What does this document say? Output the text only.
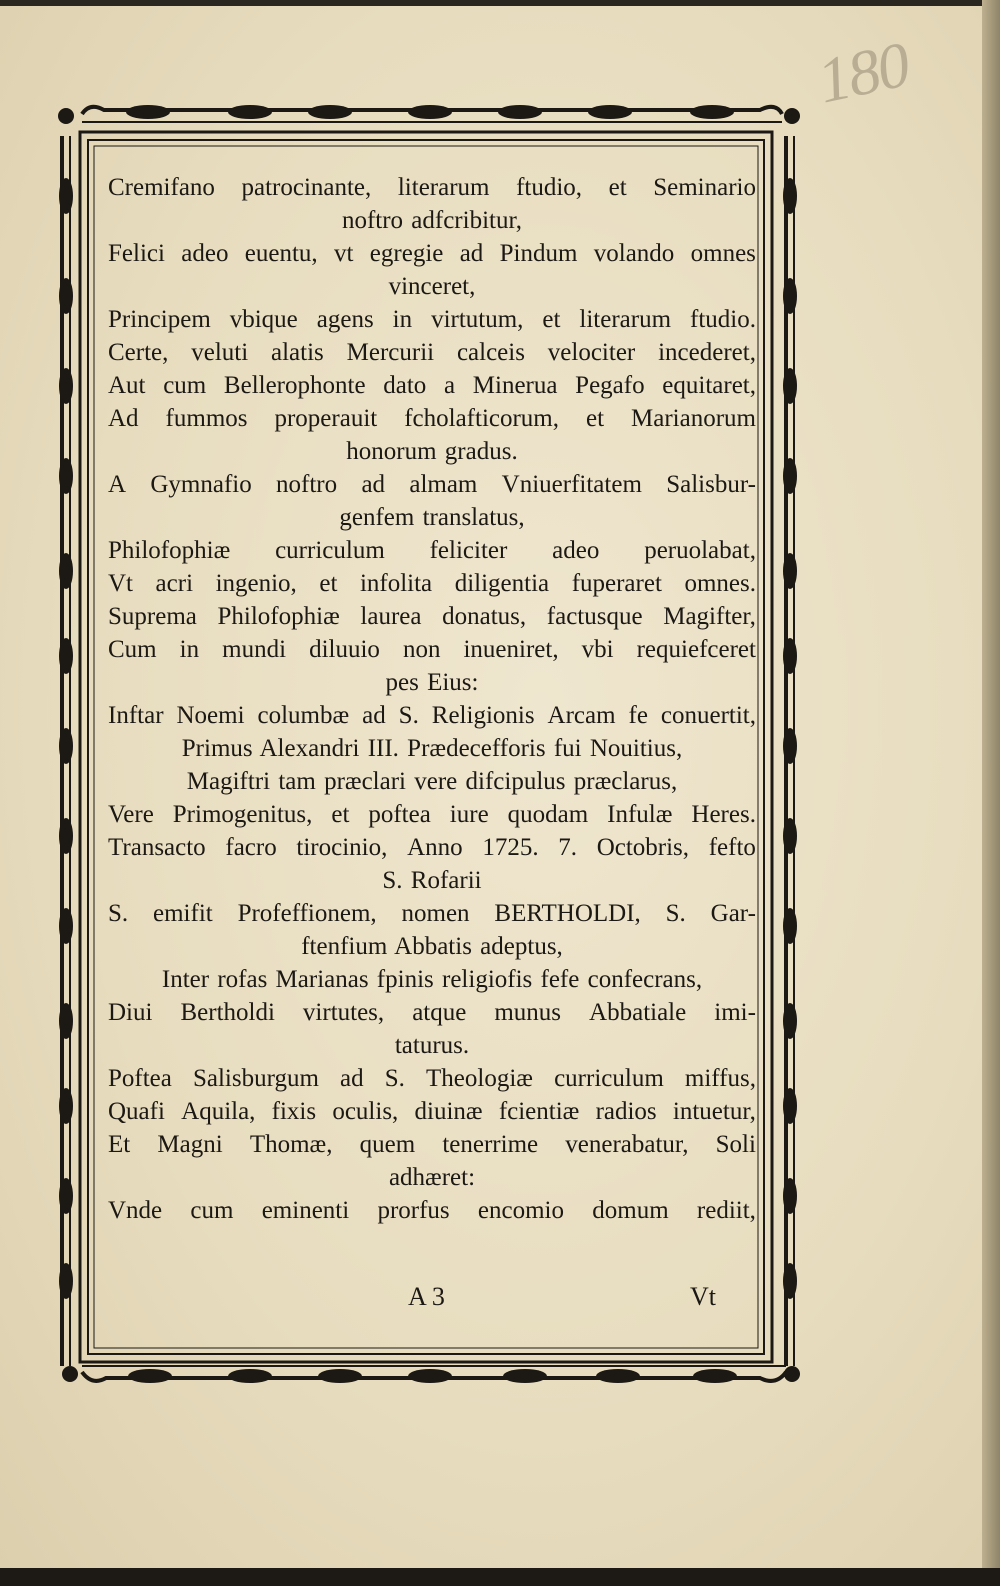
180
Cremifano patrocinante, literarum ftudio, et Seminario
noftro adfcribitur,
Felici adeo euentu, vt egregie ad Pindum volando omnes
vinceret,
Principem vbique agens in virtutum, et literarum ftudio.
Certe, veluti alatis Mercurii calceis velociter incederet,
Aut cum Bellerophonte dato a Minerua Pegafo equitaret,
Ad fummos properauit fcholafticorum, et Marianorum
honorum gradus.
A Gymnafio noftro ad almam Vniuerfitatem Salisbur-
genfem translatus,
Philofophiæ curriculum feliciter adeo peruolabat,
Vt acri ingenio, et infolita diligentia fuperaret omnes.
Suprema Philofophiæ laurea donatus, factusque Magifter,
Cum in mundi diluuio non inueniret, vbi requiefceret
pes Eius:
Inftar Noemi columbæ ad S. Religionis Arcam fe conuertit,
Primus Alexandri III. Prædecefforis fui Nouitius,
Magiftri tam præclari vere difcipulus præclarus,
Vere Primogenitus, et poftea iure quodam Infulæ Heres.
Transacto facro tirocinio, Anno 1725. 7. Octobris, fefto
S. Rofarii
S. emifit Profeffionem, nomen BERTHOLDI, S. Gar-
ftenfium Abbatis adeptus,
Inter rofas Marianas fpinis religiofis fefe confecrans,
Diui Bertholdi virtutes, atque munus Abbatiale imi-
taturus.
Poftea Salisburgum ad S. Theologiæ curriculum miffus,
Quafi Aquila, fixis oculis, diuinæ fcientiæ radios intuetur,
Et Magni Thomæ, quem tenerrime venerabatur, Soli
adhæret:
Vnde cum eminenti prorfus encomio domum rediit,
A 3	Vt
